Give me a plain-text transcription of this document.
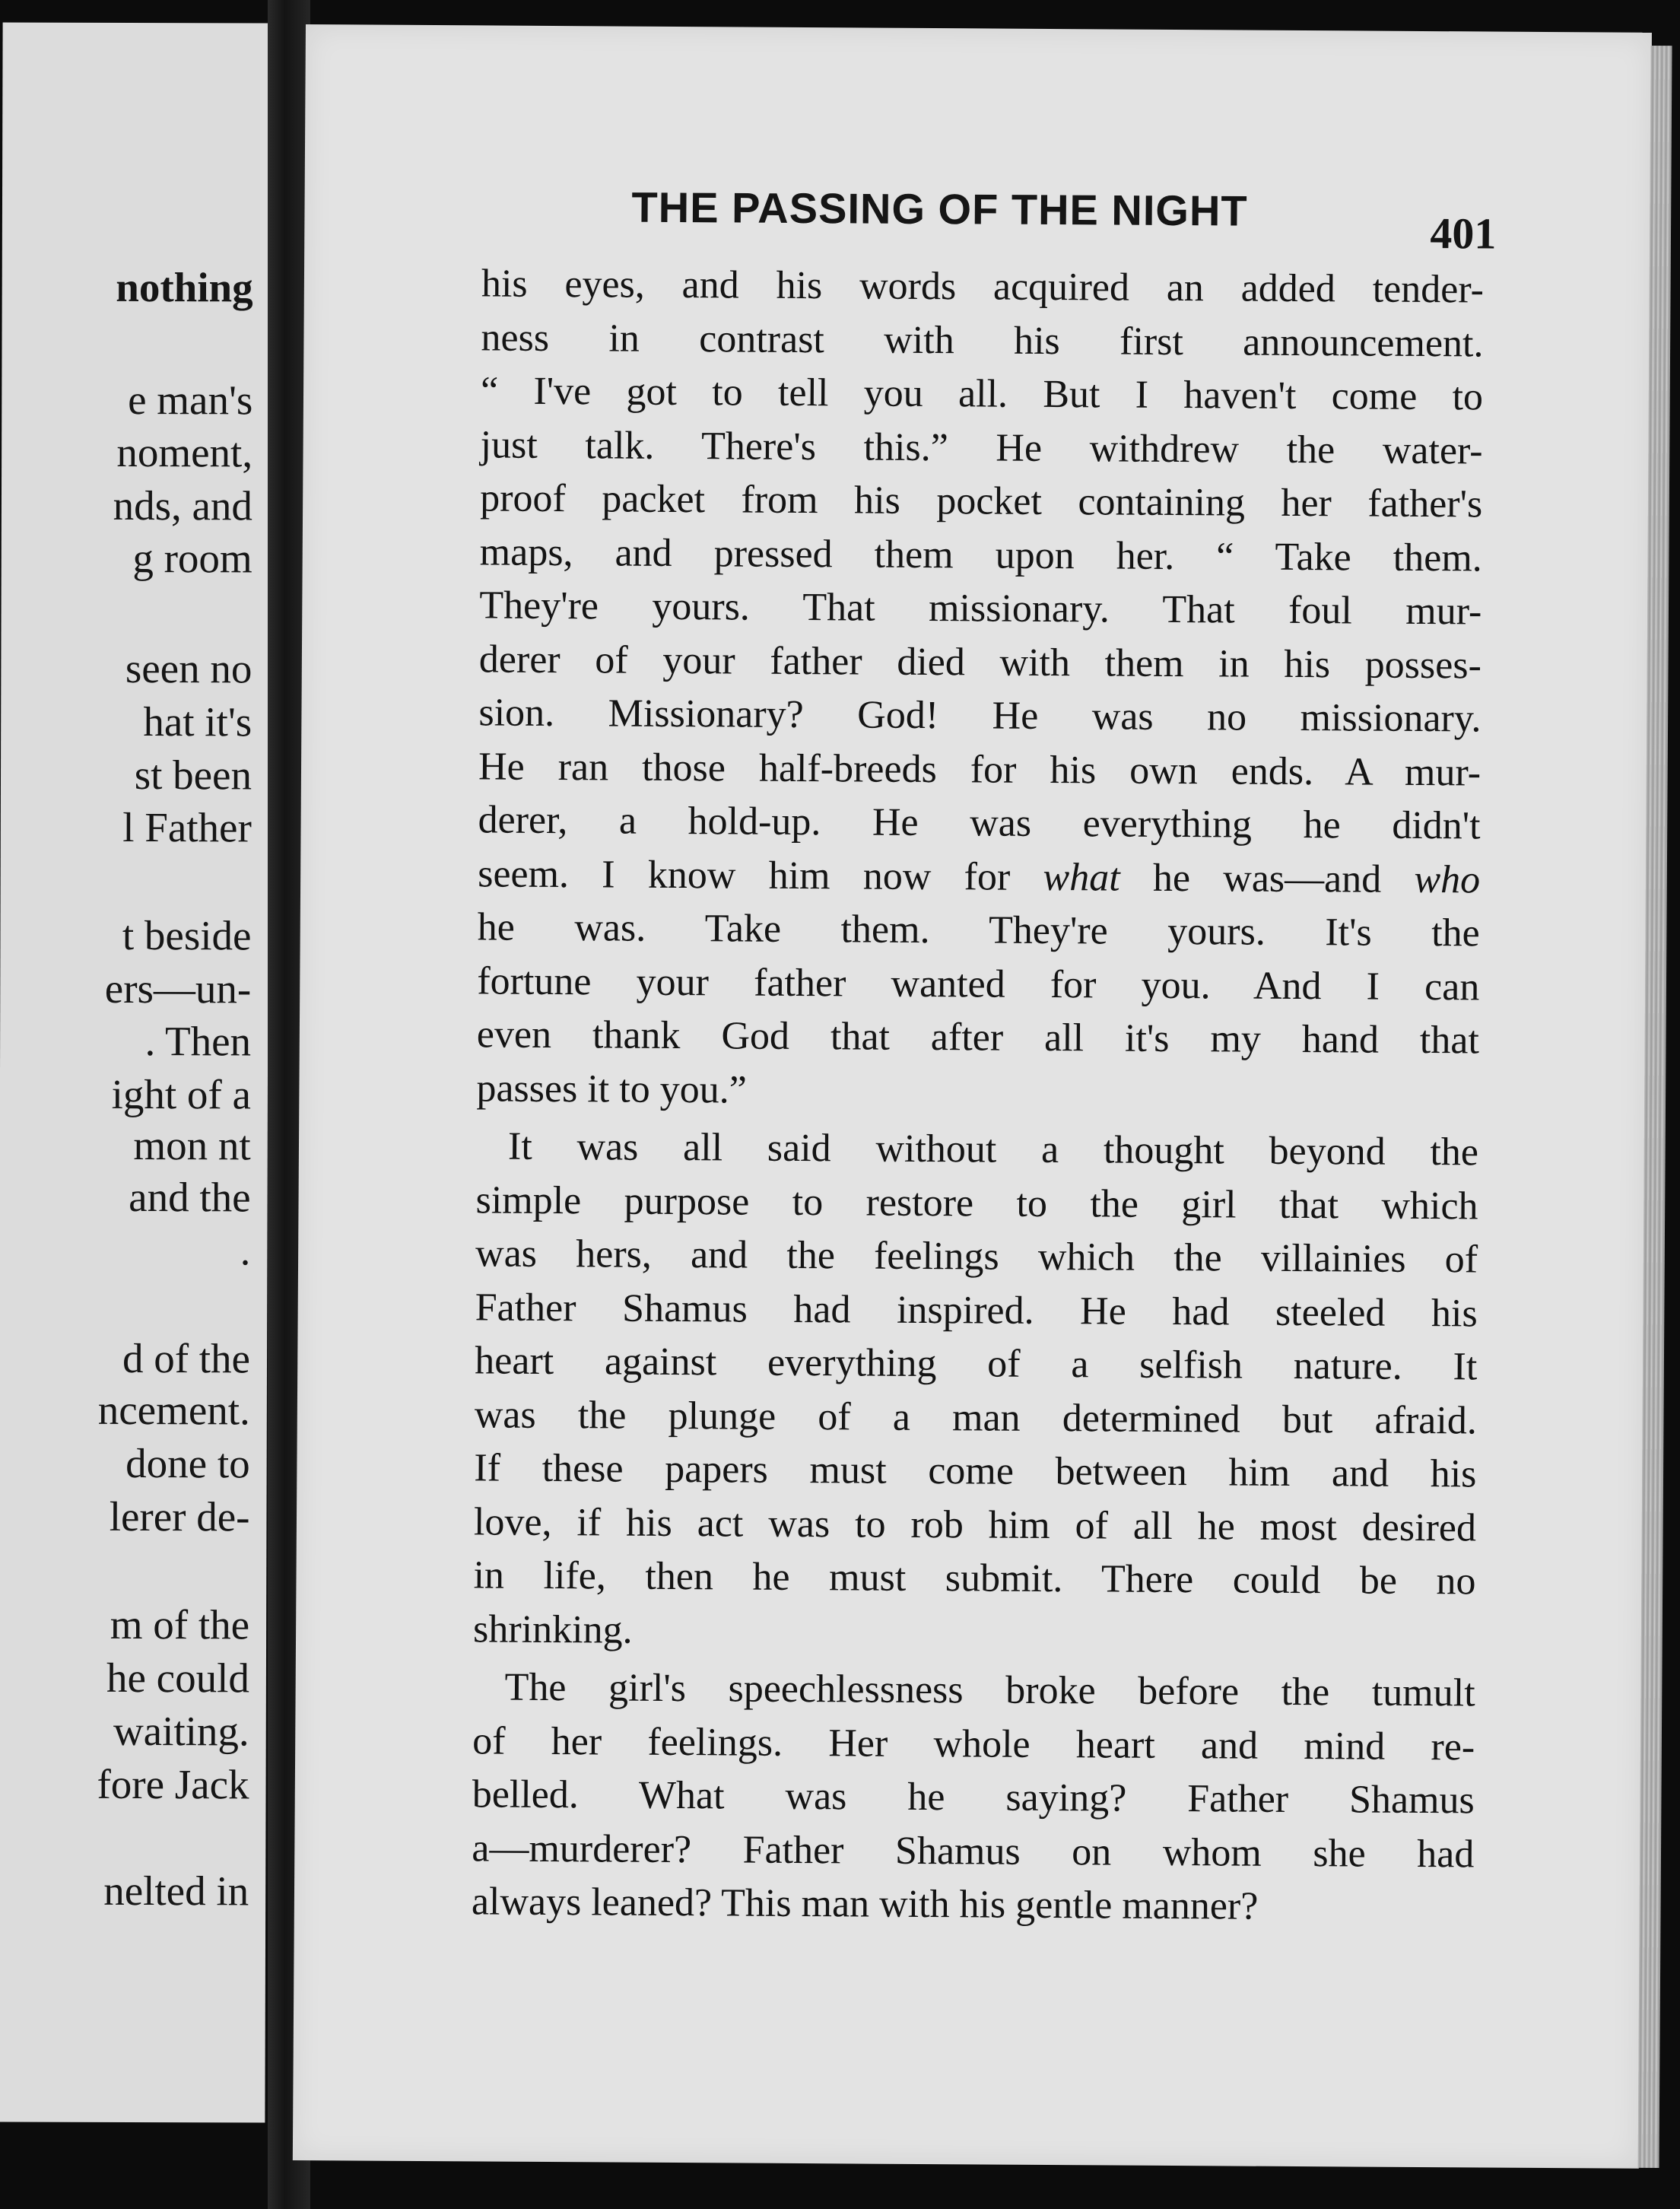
nothing
e man's
noment,
nds, and
g room
seen no
hat it's
st been
l Father
t beside
ers—un-
. Then
ight of a
mon nt
and the
.
d of the
ncement.
done to
lerer de-
m of the
he could
waiting.
fore Jack
nelted in
THE PASSING OF THE NIGHT	401
his eyes, and his words acquired an added tender-
ness in contrast with his first announcement.
“ I've got to tell you all. But I haven't come to
just talk. There's this.” He withdrew the water-
proof packet from his pocket containing her father's
maps, and pressed them upon her. “ Take them.
They're yours. That missionary. That foul mur-
derer of your father died with them in his posses-
sion. Missionary? God! He was no missionary.
He ran those half-breeds for his own ends. A mur-
derer, a hold-up. He was everything he didn't
seem. I know him now for what he was—and who
he was. Take them. They're yours. It's the
fortune your father wanted for you. And I can
even thank God that after all it's my hand that
passes it to you.”
It was all said without a thought beyond the
simple purpose to restore to the girl that which
was hers, and the feelings which the villainies of
Father Shamus had inspired. He had steeled his
heart against everything of a selfish nature. It
was the plunge of a man determined but afraid.
If these papers must come between him and his
love, if his act was to rob him of all he most desired
in life, then he must submit. There could be no
shrinking.
The girl's speechlessness broke before the tumult
of her feelings. Her whole heart and mind re-
belled. What was he saying? Father Shamus
a—murderer? Father Shamus on whom she had
always leaned? This man with his gentle manner?
